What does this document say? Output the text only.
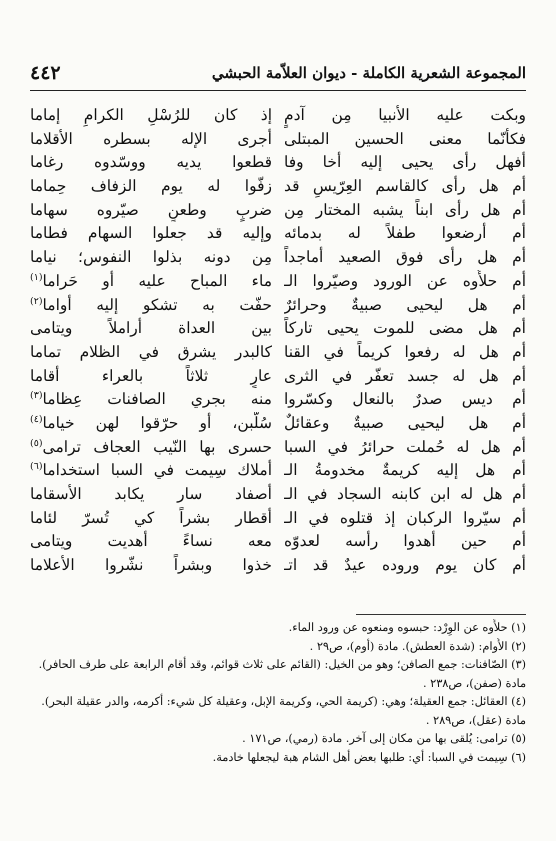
٤٤٢	المجموعة الشعرية الكاملة - ديوان العلاّمة الحبشي
وبكت عليه الأنبيا مِن آدمٍ
فكأنّما معنى الحسين المبتلى
أفهل رأى يحيى إليه أخا وفا
أم هل رأى كالقاسم العِرّيسِ قد
أم هل رأى ابناً يشبه المختار مِن
أم أرضعوا طفلاً له بدمائه
أم هل رأى فوق الصعيد أماجداً
أم حلأّوه عن الورود وصيّروا الـ
أم هل ليحيى صبيةٌ وحرائرٌ
أم هل مضى للموت يحيى تاركاً
أم هل له رفعوا كريماً في القنا
أم هل له جسد تعفّر في الثرى
أم ديس صدرٌ بالنعال وكسّروا
أم هل ليحيى صبيةٌ وعقائلٌ
أم هل له حُملت حرائرُ في السبا
أم هل إليه كريمةٌ مخدومةُ الـ
أم هل له ابن كابنه السجاد في الـ
أم سيّروا الركبان إذ قتلوه في الـ
أم حين أهدوا رأسه لعدوّه
أم كان يوم وروده عيدٌ قد اتـ
إذ كان للرُسْلِ الكرامِ إماما
أجرى الإله بسطره الأقلاما
قطعوا يديه ووسّدوه رغاما
زفّوا له يوم الزفاف حِماما
ضربٍ وطعنٍ صيّروه سهاما
وإليه قد جعلوا السهام فطاما
مِن دونه بذلوا النفوس؛ نياما
ماء المباح عليه أو حَراما$^{(١)}$
حفّت به تشكو إليه أواما$^{(٢)}$
بين العداة أراملاً ويتامى
كالبدر يشرق في الظلام تماما
عارٍ ثلاثاً بالعراء أقاما
منه بجري الصافنات عِظاما$^{(٣)}$
سُلّبن، أو حرّقوا لهن خياما$^{(٤)}$
حسرى بها النّيب العجاف ترامى$^{(٥)}$
أملاك سِيمت في السبا استخداما$^{(٦)}$
أصفاد سار يكابد الأسقاما
أقطار بشراً كي تُسرّ لئاما
معه نساءً أهديت ويتامى
خذوا وبشراً نشّروا الأعلاما
(١) حلأّوه عن الوِرْد: حبسوه ومنعوه عن ورود الماء.
(٢) الأُوام: (شدة العطش). مادة (أوم)، ص٢٩ .
(٣) الصّافنات: جمع الصافن؛ وهو من الخيل: (القائم على ثلاث قوائم، وقد أقام الرابعة على طرف الحافر).
مادة (صفن)، ص٢٣٨ .
(٤) العقائل: جمع العقيلة؛ وهي: (كريمة الحي، وكريمة الإبل، وعقيلة كل شيء: أكرمه، والدر عقيلة البحر).
مادة (عقل)، ص٢٨٩ .
(٥) ترامى: يُلقى بها من مكان إلى آخر. مادة (رمي)، ص١٧١ .
(٦) سِيمت في السبا: أي: طلبها بعض أهل الشام هبة ليجعلها خادمة.
